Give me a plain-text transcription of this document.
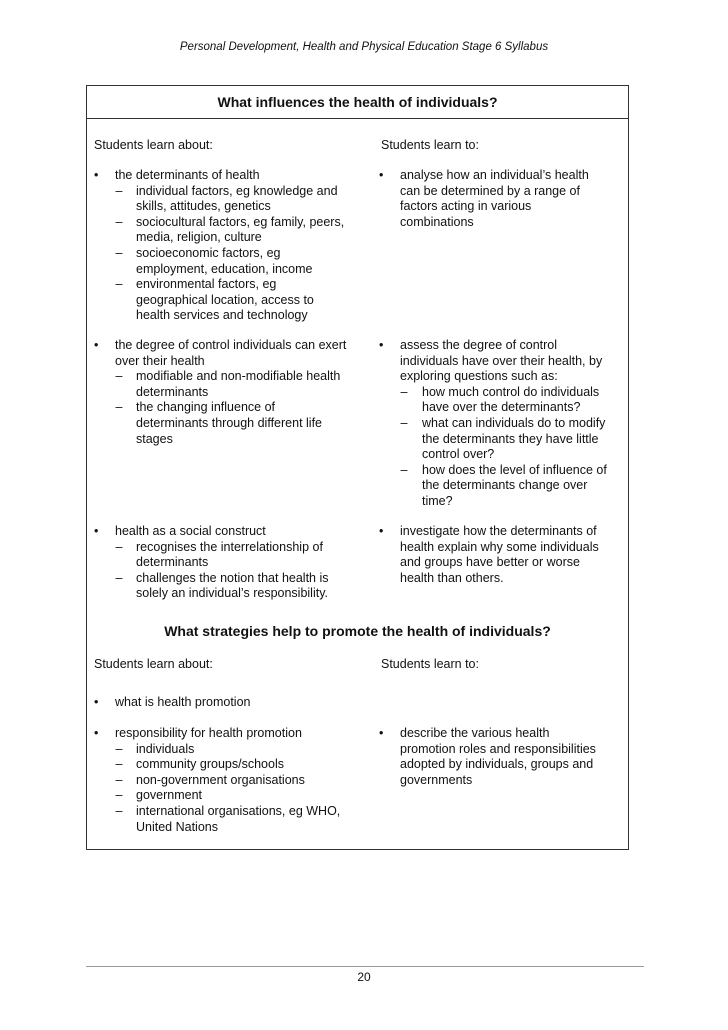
Personal Development, Health and Physical Education Stage 6 Syllabus
What influences the health of individuals?
Students learn about:	Students learn to:
What strategies help to promote the health of individuals?
Students learn about:	Students learn to:
• the determinants of health
– individual factors, eg knowledge and
skills, attitudes, genetics
– sociocultural factors, eg family, peers,
media, religion, culture
– socioeconomic factors, eg
employment, education, income
– environmental factors, eg
geographical location, access to
health services and technology
• analyse how an individual’s health
can be determined by a range of
factors acting in various
combinations
• the degree of control individuals can exert
over their health
– modifiable and non-modifiable health
determinants
– the changing influence of
determinants through different life
stages
• assess the degree of control
individuals have over their health, by
exploring questions such as:
– how much control do individuals
have over the determinants?
– what can individuals do to modify
the determinants they have little
control over?
– how does the level of influence of
the determinants change over
time?
• health as a social construct
– recognises the interrelationship of
determinants
– challenges the notion that health is
solely an individual’s responsibility.
• investigate how the determinants of
health explain why some individuals
and groups have better or worse
health than others.
• what is health promotion
• responsibility for health promotion
– individuals
– community groups/schools
– non-government organisations
– government
– international organisations, eg WHO,
United Nations
• describe the various health
promotion roles and responsibilities
adopted by individuals, groups and
governments
20
